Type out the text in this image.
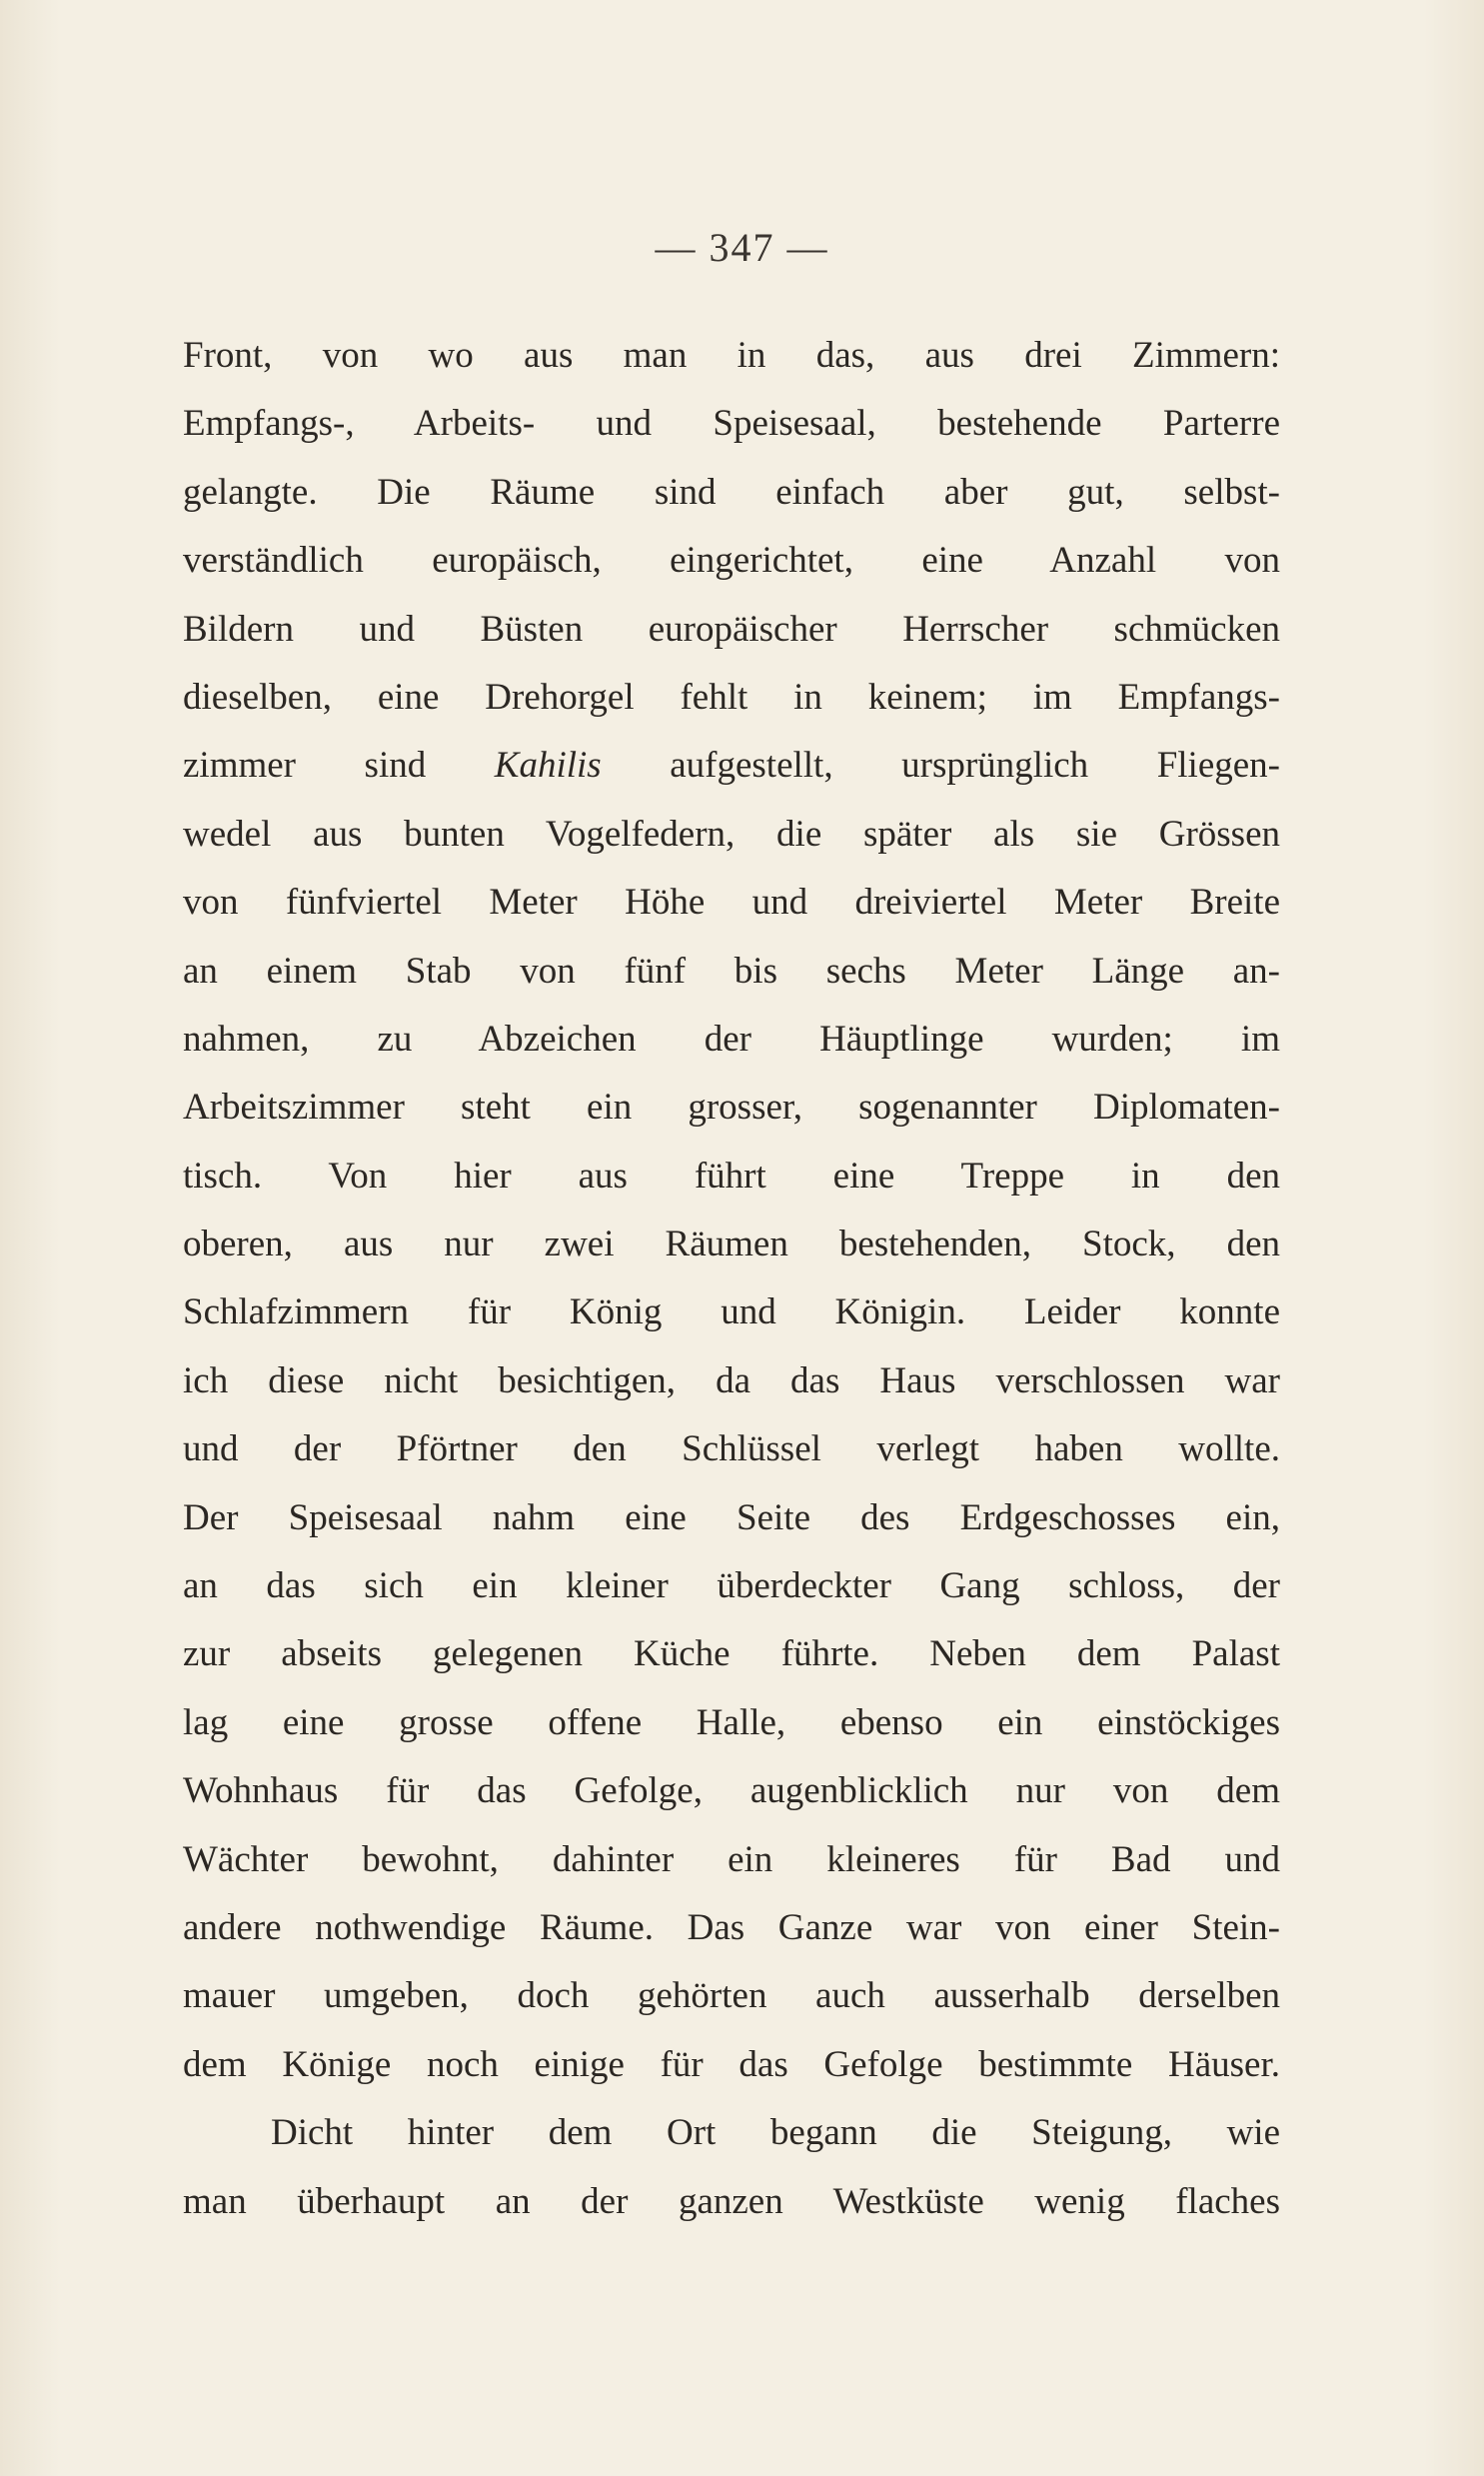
— 347 —
Front, von wo aus man in das, aus drei Zimmern:
Empfangs-, Arbeits- und Speisesaal, bestehende Parterre
gelangte. Die Räume sind einfach aber gut, selbst-
verständlich europäisch, eingerichtet, eine Anzahl von
Bildern und Büsten europäischer Herrscher schmücken
dieselben, eine Drehorgel fehlt in keinem; im Empfangs-
zimmer sind Kahilis aufgestellt, ursprünglich Fliegen-
wedel aus bunten Vogelfedern, die später als sie Grössen
von fünfviertel Meter Höhe und dreiviertel Meter Breite
an einem Stab von fünf bis sechs Meter Länge an-
nahmen, zu Abzeichen der Häuptlinge wurden; im
Arbeitszimmer steht ein grosser, sogenannter Diplomaten-
tisch. Von hier aus führt eine Treppe in den
oberen, aus nur zwei Räumen bestehenden, Stock, den
Schlafzimmern für König und Königin. Leider konnte
ich diese nicht besichtigen, da das Haus verschlossen war
und der Pförtner den Schlüssel verlegt haben wollte.
Der Speisesaal nahm eine Seite des Erdgeschosses ein,
an das sich ein kleiner überdeckter Gang schloss, der
zur abseits gelegenen Küche führte. Neben dem Palast
lag eine grosse offene Halle, ebenso ein einstöckiges
Wohnhaus für das Gefolge, augenblicklich nur von dem
Wächter bewohnt, dahinter ein kleineres für Bad und
andere nothwendige Räume. Das Ganze war von einer Stein-
mauer umgeben, doch gehörten auch ausserhalb derselben
dem Könige noch einige für das Gefolge bestimmte Häuser.
Dicht hinter dem Ort begann die Steigung, wie
man überhaupt an der ganzen Westküste wenig flaches
